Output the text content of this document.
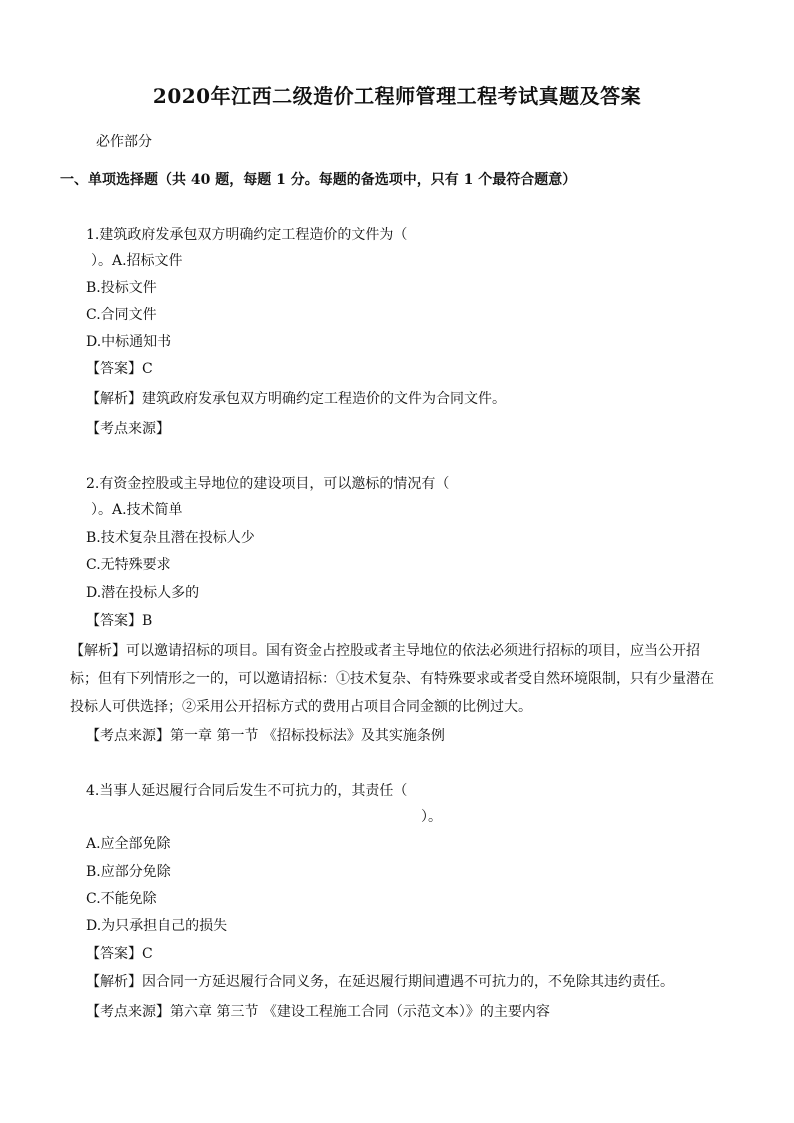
2020年江西二级造价工程师管理工程考试真题及答案
必作部分
一、单项选择题（共 40 题，每题 1 分。每题的备选项中，只有 1 个最符合题意）
1.建筑政府发承包双方明确约定工程造价的文件为（
）。A.招标文件
B.投标文件
C.合同文件
D.中标通知书
【答案】C
【解析】建筑政府发承包双方明确约定工程造价的文件为合同文件。
【考点来源】
2.有资金控股或主导地位的建设项目，可以邀标的情况有（
）。A.技术简单
B.技术复杂且潜在投标人少
C.无特殊要求
D.潜在投标人多的
【答案】B
【解析】可以邀请招标的项目。国有资金占控股或者主导地位的依法必须进行招标的项目，应当公开招
标；但有下列情形之一的，可以邀请招标：①技术复杂、有特殊要求或者受自然环境限制，只有少量潜在
投标人可供选择；②采用公开招标方式的费用占项目合同金额的比例过大。
【考点来源】第一章 第一节 《招标投标法》及其实施条例
4.当事人延迟履行合同后发生不可抗力的，其责任（
）。
A.应全部免除
B.应部分免除
C.不能免除
D.为只承担自己的损失
【答案】C
【解析】因合同一方延迟履行合同义务，在延迟履行期间遭遇不可抗力的，不免除其违约责任。
【考点来源】第六章 第三节 《建设工程施工合同（示范文本）》的主要内容
